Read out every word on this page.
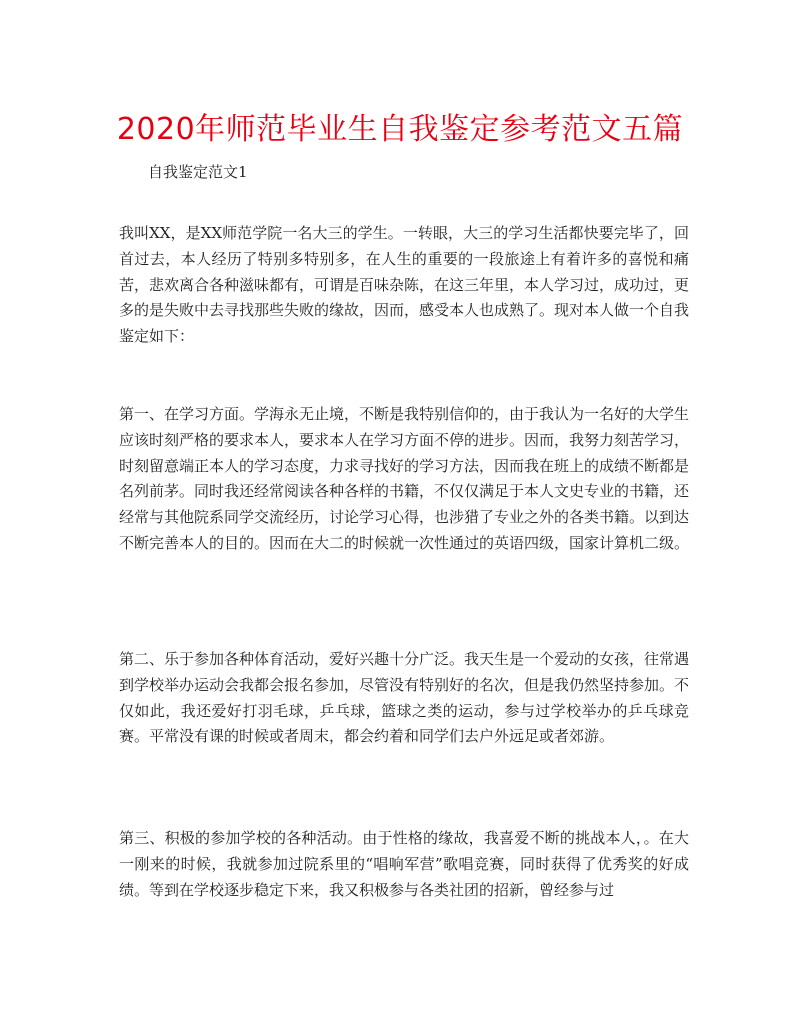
2020年师范毕业生自我鉴定参考范文五篇
自我鉴定范文1

我叫XX，是XX师范学院一名大三的学生。一转眼，大三的学习生活都快要完毕了，回首过去，本人经历了特别多特别多，在人生的重要的一段旅途上有着许多的喜悦和痛苦，悲欢离合各种滋味都有，可谓是百味杂陈，在这三年里，本人学习过，成功过，更多的是失败中去寻找那些失败的缘故，因而，感受本人也成熟了。现对本人做一个自我鉴定如下：

第一、在学习方面。学海永无止境，不断是我特别信仰的，由于我认为一名好的大学生应该时刻严格的要求本人，要求本人在学习方面不停的进步。因而，我努力刻苦学习，时刻留意端正本人的学习态度，力求寻找好的学习方法，因而我在班上的成绩不断都是名列前茅。同时我还经常阅读各种各样的书籍，不仅仅满足于本人文史专业的书籍，还经常与其他院系同学交流经历，讨论学习心得，也涉猎了专业之外的各类书籍。以到达不断完善本人的目的。因而在大二的时候就一次性通过的英语四级，国家计算机二级。

第二、乐于参加各种体育活动，爱好兴趣十分广泛。我天生是一个爱动的女孩，往常遇到学校举办运动会我都会报名参加，尽管没有特别好的名次，但是我仍然坚持参加。不仅如此，我还爱好打羽毛球，乒乓球，篮球之类的运动，参与过学校举办的乒乓球竞赛。平常没有课的时候或者周末，都会约着和同学们去户外远足或者郊游。

第三、积极的参加学校的各种活动。由于性格的缘故，我喜爱不断的挑战本人，。在大一刚来的时候，我就参加过院系里的“唱响军营”歌唱竞赛，同时获得了优秀奖的好成绩。等到在学校逐步稳定下来，我又积极参与各类社团的招新，曾经参与过
